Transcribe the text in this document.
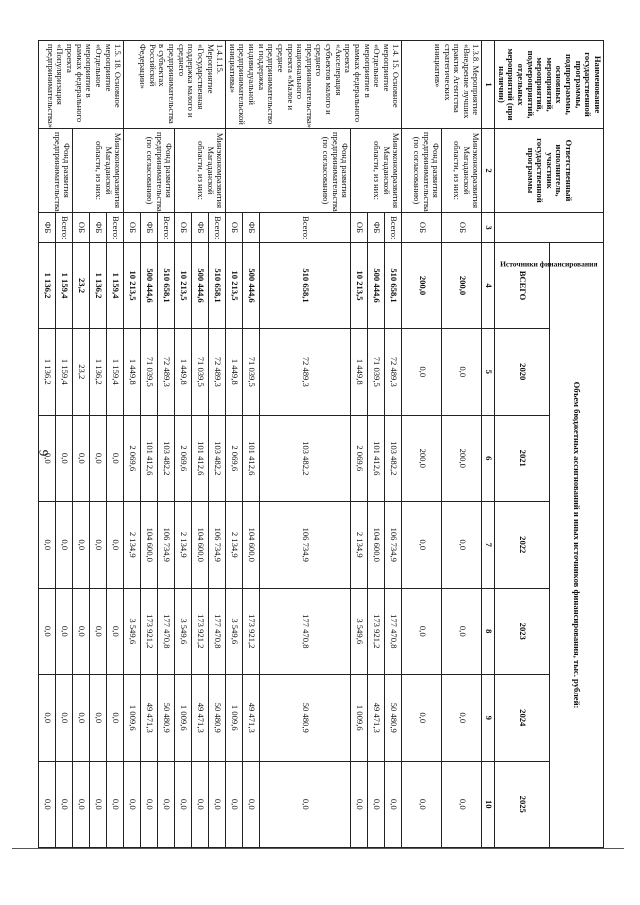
9
Наименование государственной программы, подпрограммы, основных мероприятий, мероприятий, подмероприятий, отдельных мероприятий (при наличии)	Ответственный исполнитель, участник государственной программы	Источники финансирования	Объем бюджетных ассигнований и иных источников финансирования, тыс. рублей:						
			ВСЕГО	2020	2021	2022	2023	2024	2025
1	2	3	4	5	6	7	8	9	10
1.3.8. Мероприятие «Внедрение лучших практик Агентства стратегических инициатив»	Минэкономразвития Магаданской области, из них:	ОБ	200,0	0,0	200,0	0,0	0,0	0,0	0,0
	Фонд развития предпринимательства (по согласованию)	ОБ	200,0	0,0	200,0	0,0	0,0	0,0	0,0
1.4. 15. Основное мероприятие «Отдельное мероприятие в рамках федерального проекта «Акселерация субъектов малого и среднего предпринимательства» национального проекта «Малое и среднее предпринимательство и поддержка индивидуальной предпринимательской инициативы»	Минэкономразвития Магаданской области, из них:	Всего:	510 658,1	72 489,3	103 482,2	106 734,9	177 470,8	50 480,9	0,0
		ФБ	500 444,6	71 039,5	101 412,6	104 600,0	173 921,2	49 471,3	0,0
		ОБ	10 213,5	1 449,8	2 069,6	2 134,9	3 549,6	1 009,6	0,0
	Фонд развития предпринимательства (по согласованию)	Всего:	510 658,1	72 489,3	103 482,2	106 734,9	177 470,8	50 480,9	0,0
		ФБ	500 444,6	71 039,5	101 412,6	104 600,0	173 921,2	49 471,3	0,0
		ОБ	10 213,5	1 449,8	2 069,6	2 134,9	3 549,6	1 009,6	0,0
1.4.1.15. Мероприятие «Государственная поддержка малого и среднего предпринимательства в субъектах Российской Федерации»	Минэкономразвития Магаданской области, из них:	Всего:	510 658,1	72 489,3	103 482,2	106 734,9	177 470,8	50 480,9	0,0
		ФБ	500 444,6	71 039,5	101 412,6	104 600,0	173 921,2	49 471,3	0,0
		ОБ	10 213,5	1 449,8	2 069,6	2 134,9	3 549,6	1 009,6	0,0
	Фонд развития предпринимательства (по согласованию)	Всего:	510 658,1	72 489,3	103 482,2	106 734,9	177 470,8	50 480,9	0,0
		ФБ	500 444,6	71 039,5	101 412,6	104 600,0	173 921,2	49 471,3	0,0
		ОБ	10 213,5	1 449,8	2 069,6	2 134,9	3 549,6	1 009,6	0,0
1.5. 18. Основное мероприятие «Отдельное мероприятие в рамках федерального проекта «Популяризация предпринимательства»	Минэкономразвития Магаданской области, из них:	Всего:	1 159,4	1 159,4	0,0	0,0	0,0	0,0	0,0
		ФБ	1 136,2	1 136,2	0,0	0,0	0,0	0,0	0,0
		ОБ	23,2	23,2	0,0	0,0	0,0	0,0	0,0
	Фонд развития предпринимательства	Всего:	1 159,4	1 159,4	0,0	0,0	0,0	0,0	0,0
		ФБ	1 136,2	1 136,2	0,0	0,0	0,0	0,0	0,0
